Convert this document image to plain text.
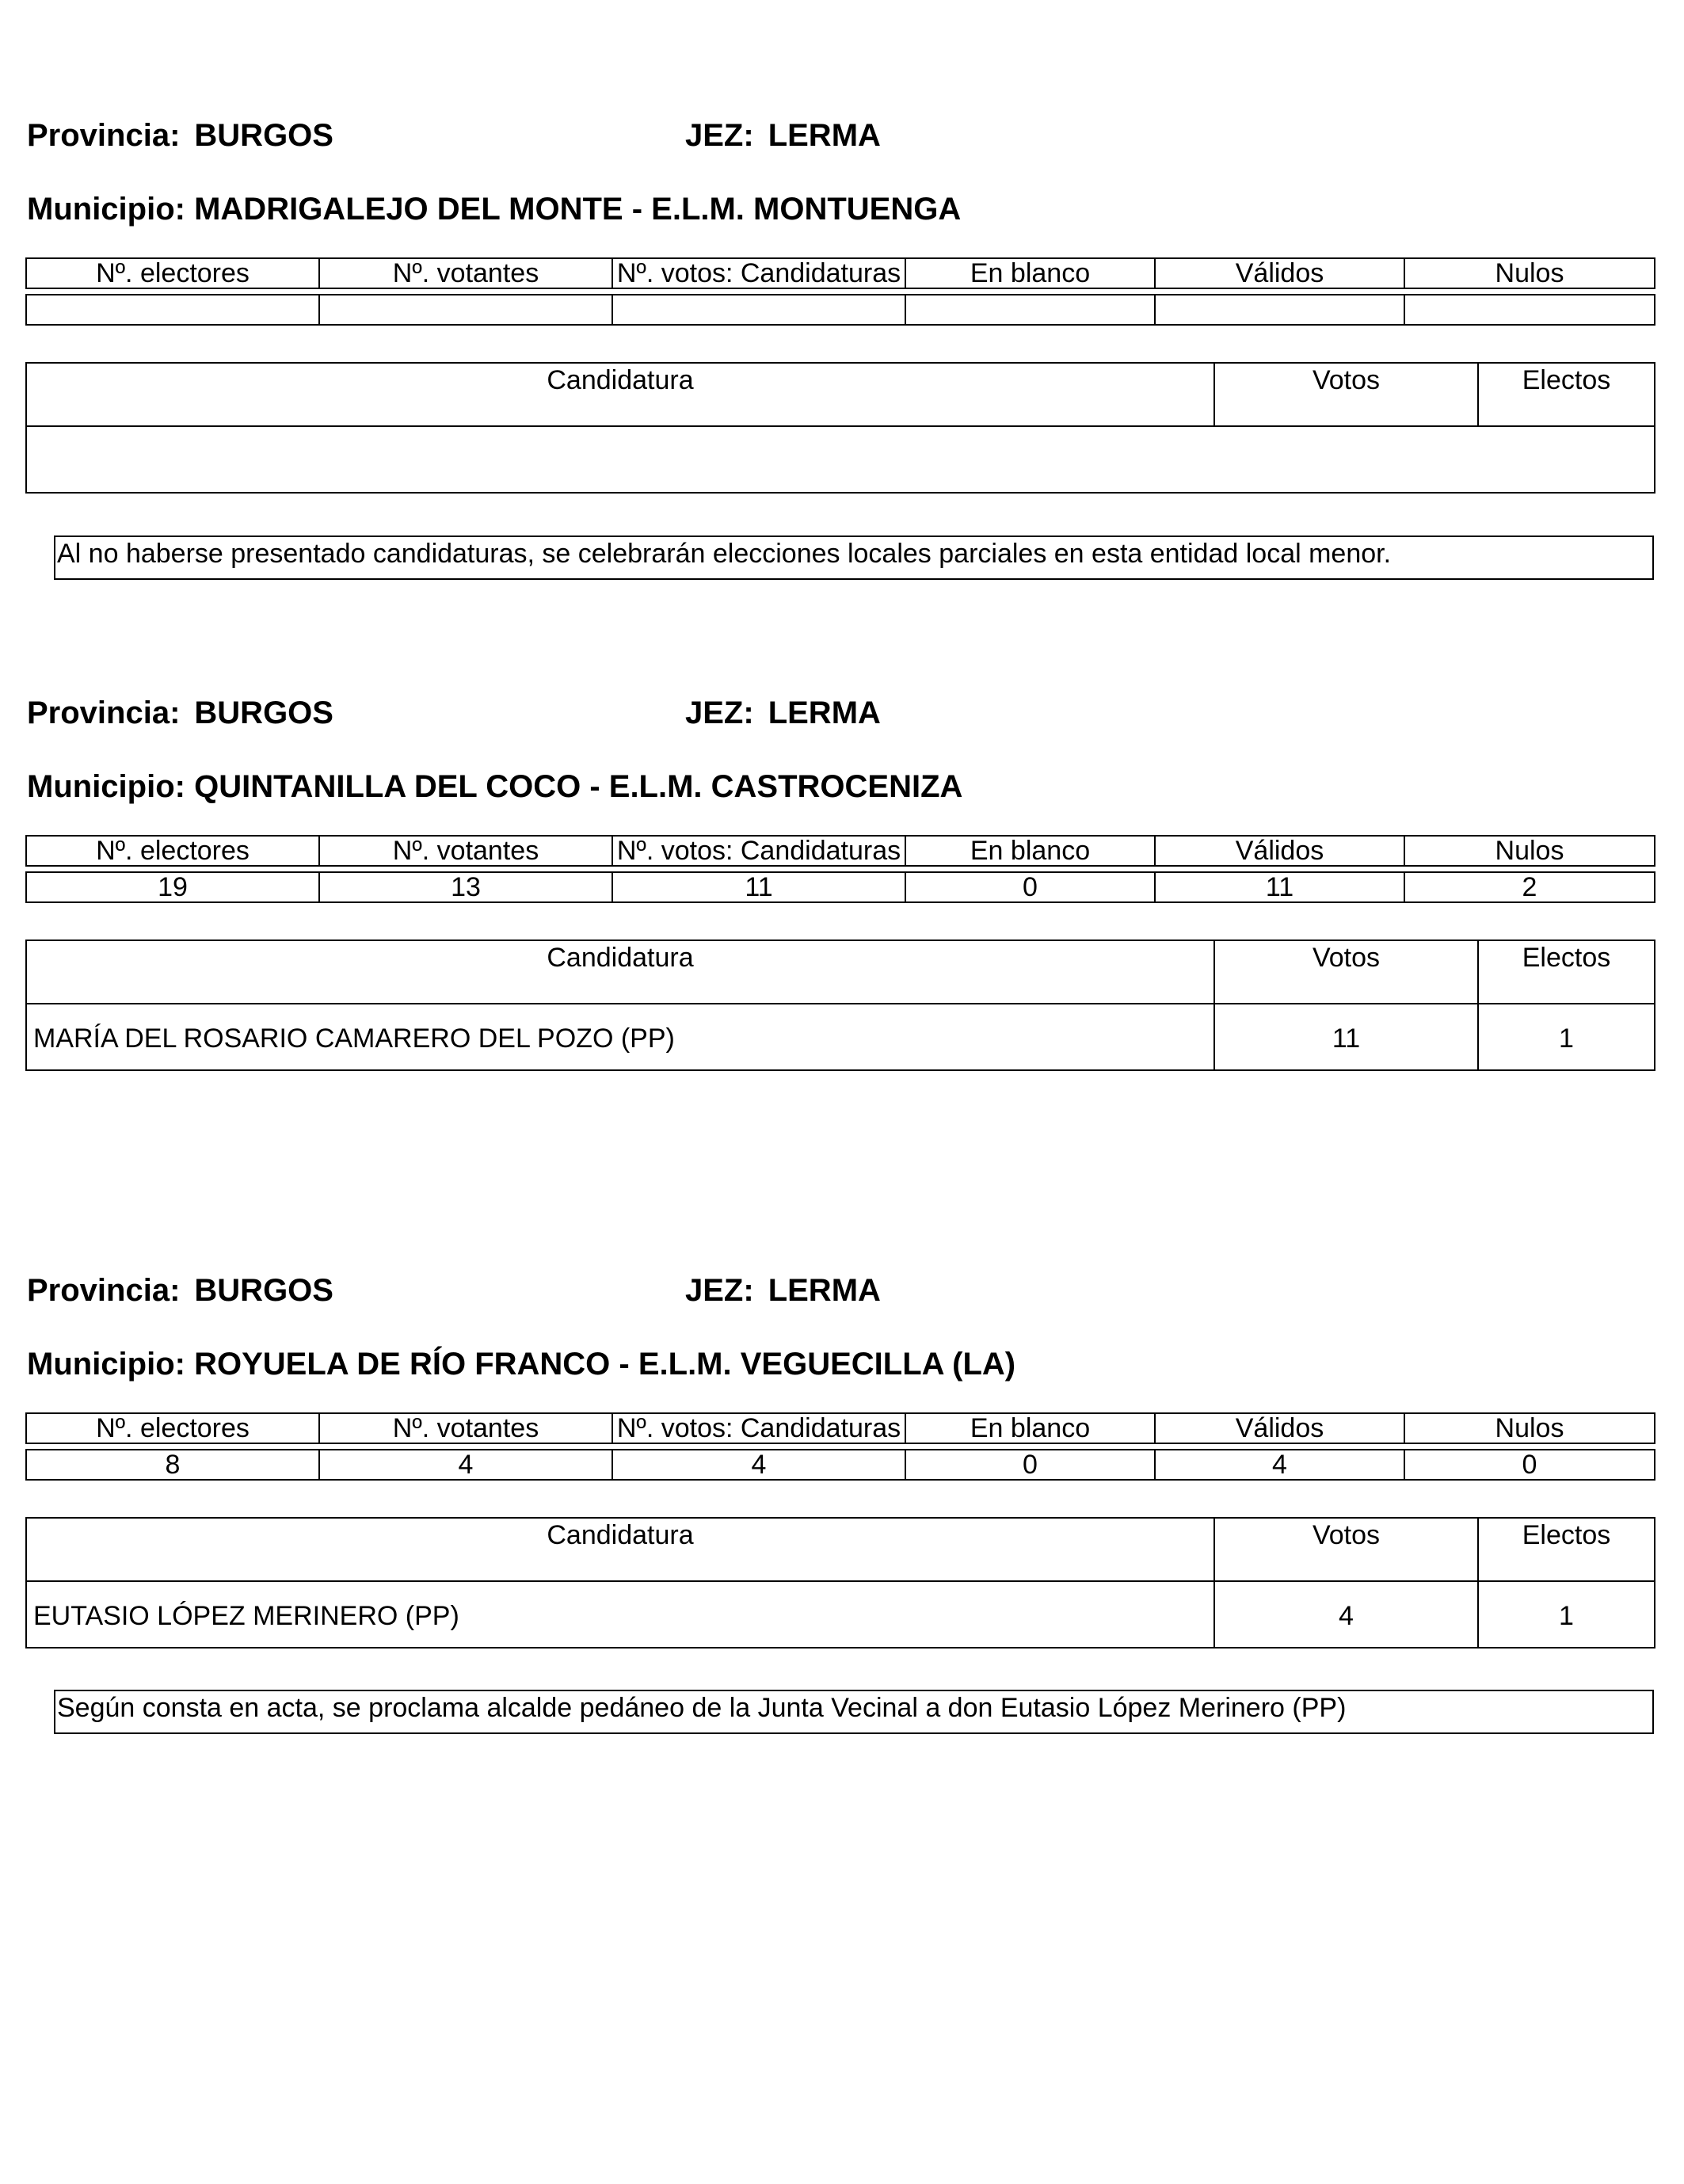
Provincia: BURGOS	JEZ: LERMA
Municipio: MADRIGALEJO DEL MONTE - E.L.M. MONTUENGA
Nº. electores	Nº. votantes	Nº. votos: Candidaturas	En blanco	Válidos	Nulos

Candidatura	Votos	Electos

Al no haberse presentado candidaturas, se celebrarán elecciones locales parciales en esta entidad local menor.
Provincia: BURGOS	JEZ: LERMA
Municipio: QUINTANILLA DEL COCO - E.L.M. CASTROCENIZA
Nº. electores	Nº. votantes	Nº. votos: Candidaturas	En blanco	Válidos	Nulos

19	13	11	0	11	2
Candidatura	Votos	Electos
MARÍA DEL ROSARIO CAMARERO DEL POZO (PP)	11	1
Provincia: BURGOS	JEZ: LERMA
Municipio: ROYUELA DE RÍO FRANCO - E.L.M. VEGUECILLA (LA)
Nº. electores	Nº. votantes	Nº. votos: Candidaturas	En blanco	Válidos	Nulos

8	4	4	0	4	0
Candidatura	Votos	Electos
EUTASIO LÓPEZ MERINERO (PP)	4	1
Según consta en acta, se proclama alcalde pedáneo de la Junta Vecinal a don Eutasio López Merinero (PP)
